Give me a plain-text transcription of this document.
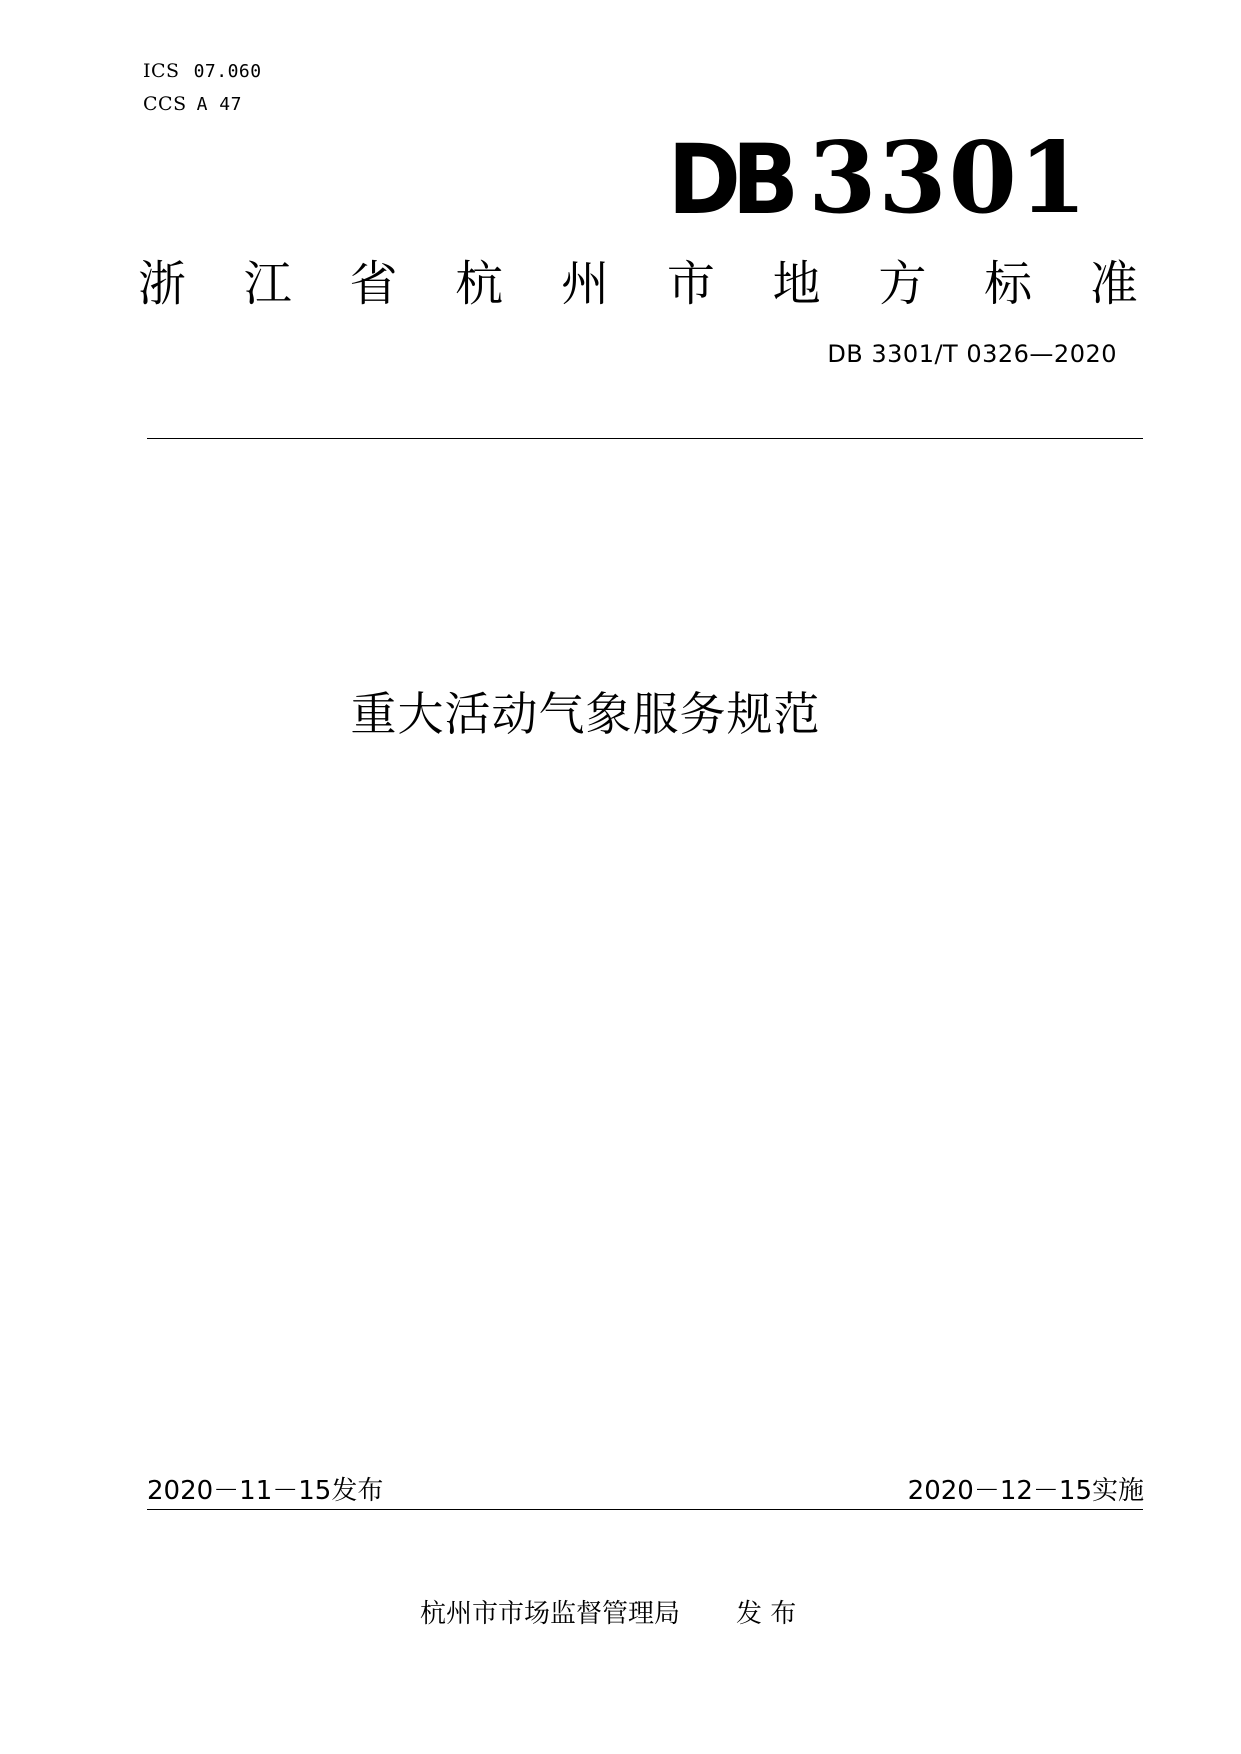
ICS 07.060
CCS A 47
DB 3301
浙 江 省 杭 州 市 地 方 标 准
DB 3301/T 0326—2020
重大活动气象服务规范
2020－11－15发布	2020－12－15实施
杭州市市场监督管理局 发 布
